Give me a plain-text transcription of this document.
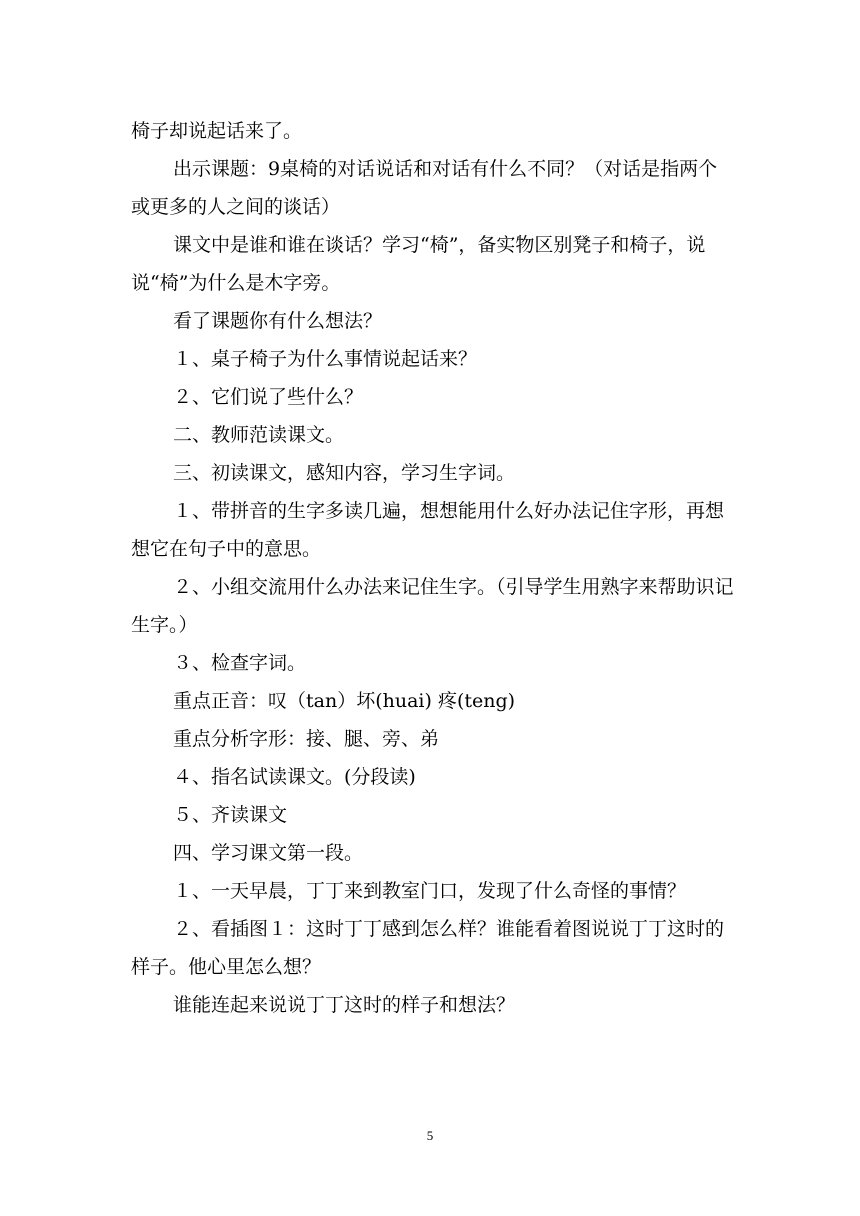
椅子却说起话来了。

出示课题：9桌椅的对话说话和对话有什么不同？（对话是指两个或更多的人之间的谈话）

课文中是谁和谁在谈话？学习“椅”，备实物区别凳子和椅子，说说“椅”为什么是木字旁。

看了课题你有什么想法？

１、桌子椅子为什么事情说起话来？

２、它们说了些什么？

二、教师范读课文。

三、初读课文，感知内容，学习生字词。

１、带拼音的生字多读几遍，想想能用什么好办法记住字形，再想想它在句子中的意思。

２、小组交流用什么办法来记住生字。（引导学生用熟字来帮助识记生字。）

３、检查字词。

重点正音：叹（tan）坏(huai) 疼(teng)

重点分析字形：接、腿、旁、弟

４、指名试读课文。(分段读)

５、齐读课文

四、学习课文第一段。

１、一天早晨，丁丁来到教室门口，发现了什么奇怪的事情？

２、看插图１：这时丁丁感到怎么样？谁能看着图说说丁丁这时的样子。他心里怎么想？

谁能连起来说说丁丁这时的样子和想法？

5
